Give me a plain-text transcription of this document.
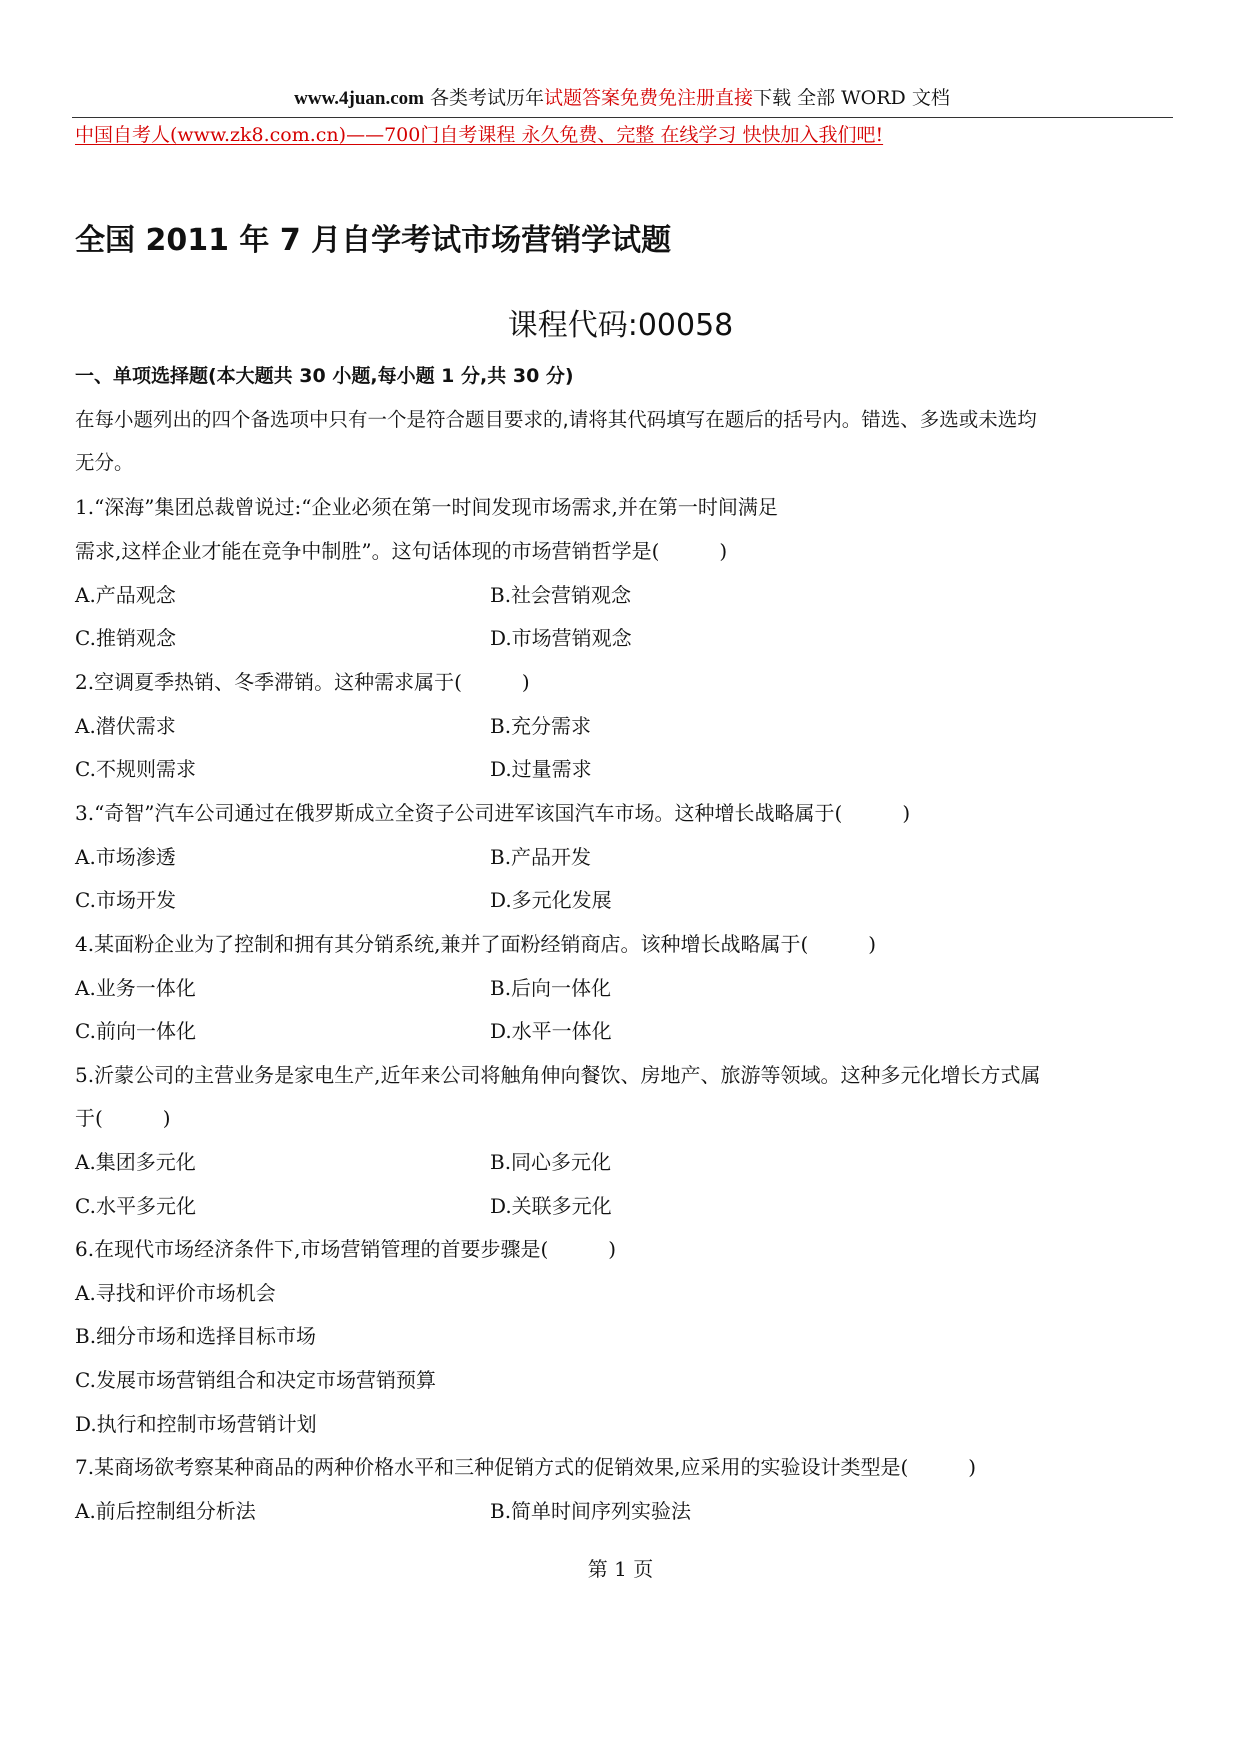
www.4juan.com 各类考试历年试题答案免费免注册直接下载 全部 WORD 文档
中国自考人(www.zk8.com.cn)——700门自考课程 永久免费、完整 在线学习 快快加入我们吧!
全国 2011 年 7 月自学考试市场营销学试题
课程代码:00058
一、单项选择题(本大题共 30 小题,每小题 1 分,共 30 分)
在每小题列出的四个备选项中只有一个是符合题目要求的,请将其代码填写在题后的括号内。错选、多选或未选均
无分。
1.“深海”集团总裁曾说过:“企业必须在第一时间发现市场需求,并在第一时间满足
需求,这样企业才能在竞争中制胜”。这句话体现的市场营销哲学是(　　　)
A.产品观念	B.社会营销观念
C.推销观念	D.市场营销观念
2.空调夏季热销、冬季滞销。这种需求属于(　　　)
A.潜伏需求	B.充分需求
C.不规则需求	D.过量需求
3.“奇智”汽车公司通过在俄罗斯成立全资子公司进军该国汽车市场。这种增长战略属于(　　　)
A.市场渗透	B.产品开发
C.市场开发	D.多元化发展
4.某面粉企业为了控制和拥有其分销系统,兼并了面粉经销商店。该种增长战略属于(　　　)
A.业务一体化	B.后向一体化
C.前向一体化	D.水平一体化
5.沂蒙公司的主营业务是家电生产,近年来公司将触角伸向餐饮、房地产、旅游等领域。这种多元化增长方式属
于(　　　)
A.集团多元化	B.同心多元化
C.水平多元化	D.关联多元化
6.在现代市场经济条件下,市场营销管理的首要步骤是(　　　)
A.寻找和评价市场机会
B.细分市场和选择目标市场
C.发展市场营销组合和决定市场营销预算
D.执行和控制市场营销计划
7.某商场欲考察某种商品的两种价格水平和三种促销方式的促销效果,应采用的实验设计类型是(　　　)
A.前后控制组分析法	B.简单时间序列实验法
第 1 页
